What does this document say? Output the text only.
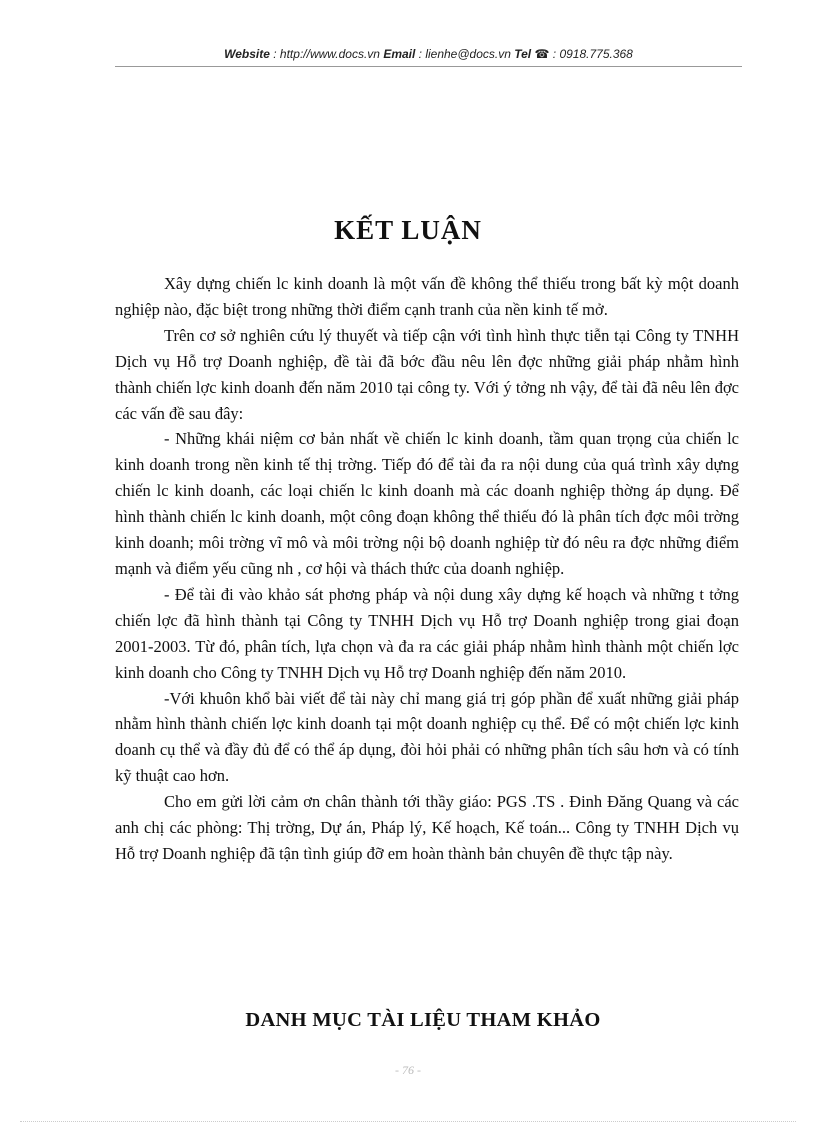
Website : http://www.docs.vn Email : lienhe@docs.vn Tel ☎ : 0918.775.368
KẾT LUẬN

Xây dựng chiến lc kinh doanh là một vấn đề không thể thiếu trong bất kỳ một doanh nghiệp nào, đặc biệt trong những thời điểm cạnh tranh của nền kinh tế mở.

Trên cơ sở nghiên cứu lý thuyết và tiếp cận với tình hình thực tiễn tại Công ty TNHH Dịch vụ Hỗ trợ Doanh nghiệp, đề tài đã bớc đầu nêu lên đợc những giải pháp nhằm hình thành chiến lợc kinh doanh đến năm 2010 tại công ty. Với ý tởng nh vậy, để tài đã nêu lên đợc các vấn đề sau đây:

- Những khái niệm cơ bản nhất về chiến lc kinh doanh, tầm quan trọng của chiến lc kinh doanh trong nền kinh tế thị trờng. Tiếp đó để tài đa ra nội dung của quá trình xây dựng chiến lc kinh doanh, các loại chiến lc kinh doanh mà các doanh nghiệp thờng áp dụng. Để hình thành chiến lc kinh doanh, một công đoạn không thể thiếu đó là phân tích đợc môi trờng kinh doanh; môi trờng vĩ mô và môi trờng nội bộ doanh nghiệp từ đó nêu ra đợc những điểm mạnh và điểm yếu cũng nh , cơ hội và thách thức của doanh nghiệp.

- Để tài đi vào khảo sát phơng pháp và nội dung xây dựng kế hoạch và những t tởng chiến lợc đã hình thành tại Công ty TNHH Dịch vụ Hỗ trợ Doanh nghiệp trong giai đoạn 2001-2003. Từ đó, phân tích, lựa chọn và đa ra các giải pháp nhằm hình thành một chiến lợc kinh doanh cho Công ty TNHH Dịch vụ Hỗ trợ Doanh nghiệp đến năm 2010.

-Với khuôn khổ bài viết để tài này chỉ mang giá trị góp phần để xuất những giải pháp nhằm hình thành chiến lợc kinh doanh tại một doanh nghiệp cụ thể. Để có một chiến lợc kinh doanh cụ thể và đầy đủ để có thể áp dụng, đòi hỏi phải có những phân tích sâu hơn và có tính kỹ thuật cao hơn.

Cho em gửi lời cảm ơn chân thành tới thầy giáo: PGS .TS . Đinh Đăng Quang và các anh chị các phòng: Thị trờng, Dự án, Pháp lý, Kế hoạch, Kế toán... Công ty TNHH Dịch vụ Hỗ trợ Doanh nghiệp đã tận tình giúp đỡ em hoàn thành bản chuyên đề thực tập này.

DANH MỤC TÀI LIỆU THAM KHẢO
- 76 -
